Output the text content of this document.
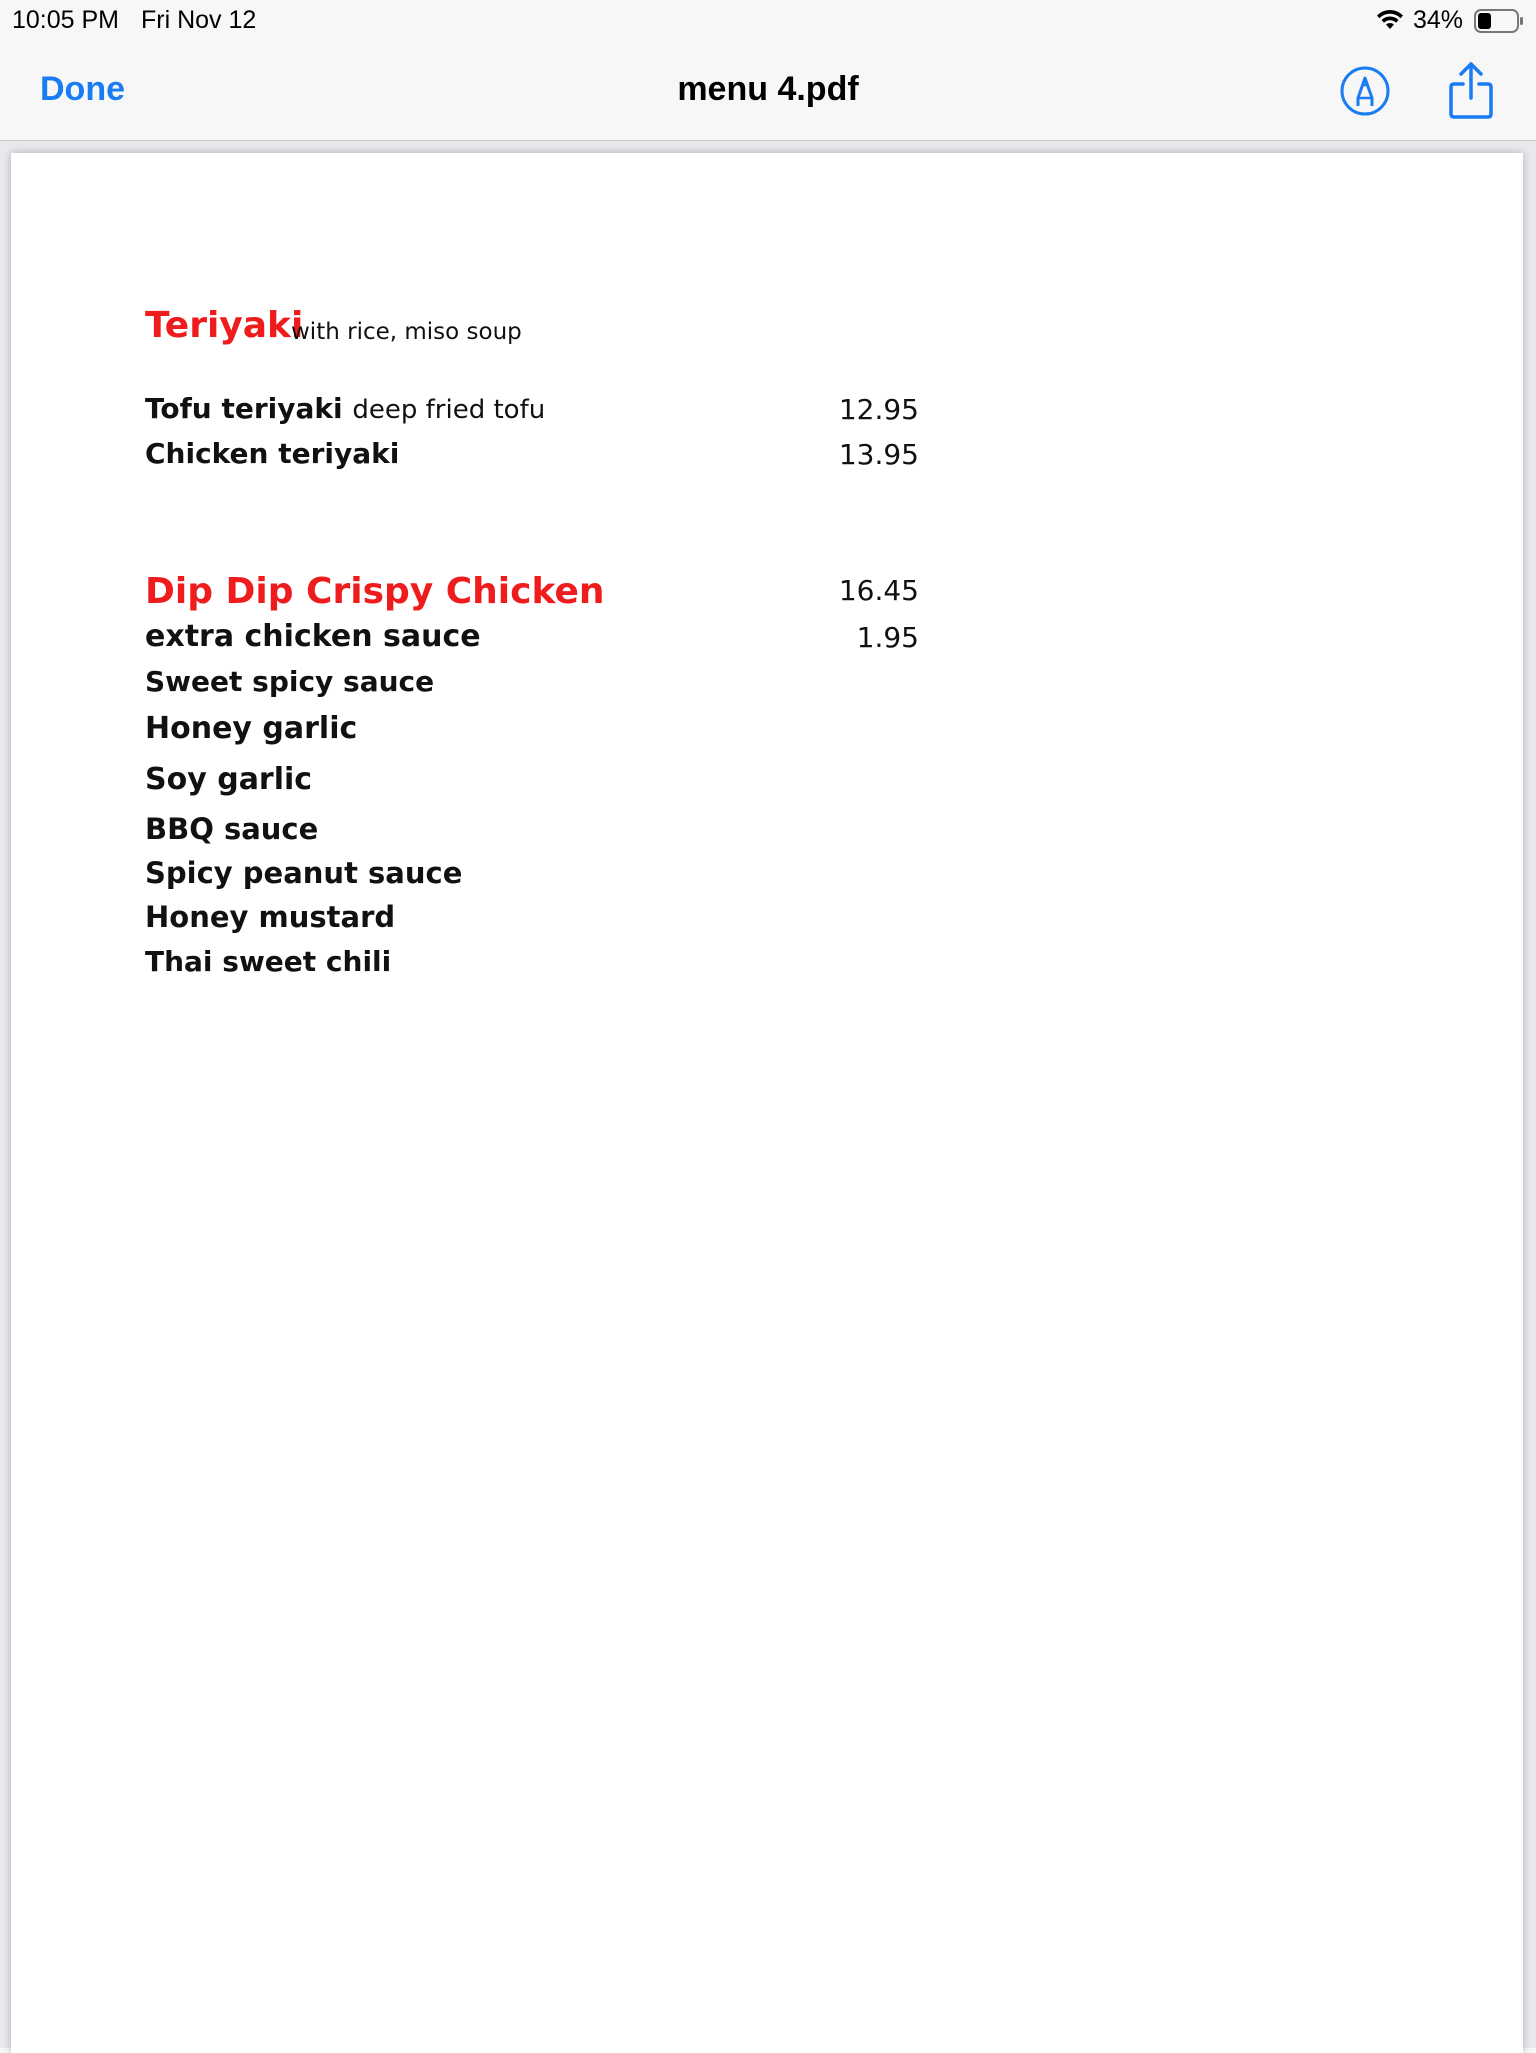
10:05 PM Fri Nov 12	34%
Done	menu 4.pdf
Teriyaki
with rice, miso soup
Tofu teriyaki deep fried tofu	12.95
Chicken teriyaki	13.95
Dip Dip Crispy Chicken	16.45
extra chicken sauce	1.95
Sweet spicy sauce
Honey garlic
Soy garlic
BBQ sauce
Spicy peanut sauce
Honey mustard
Thai sweet chili
